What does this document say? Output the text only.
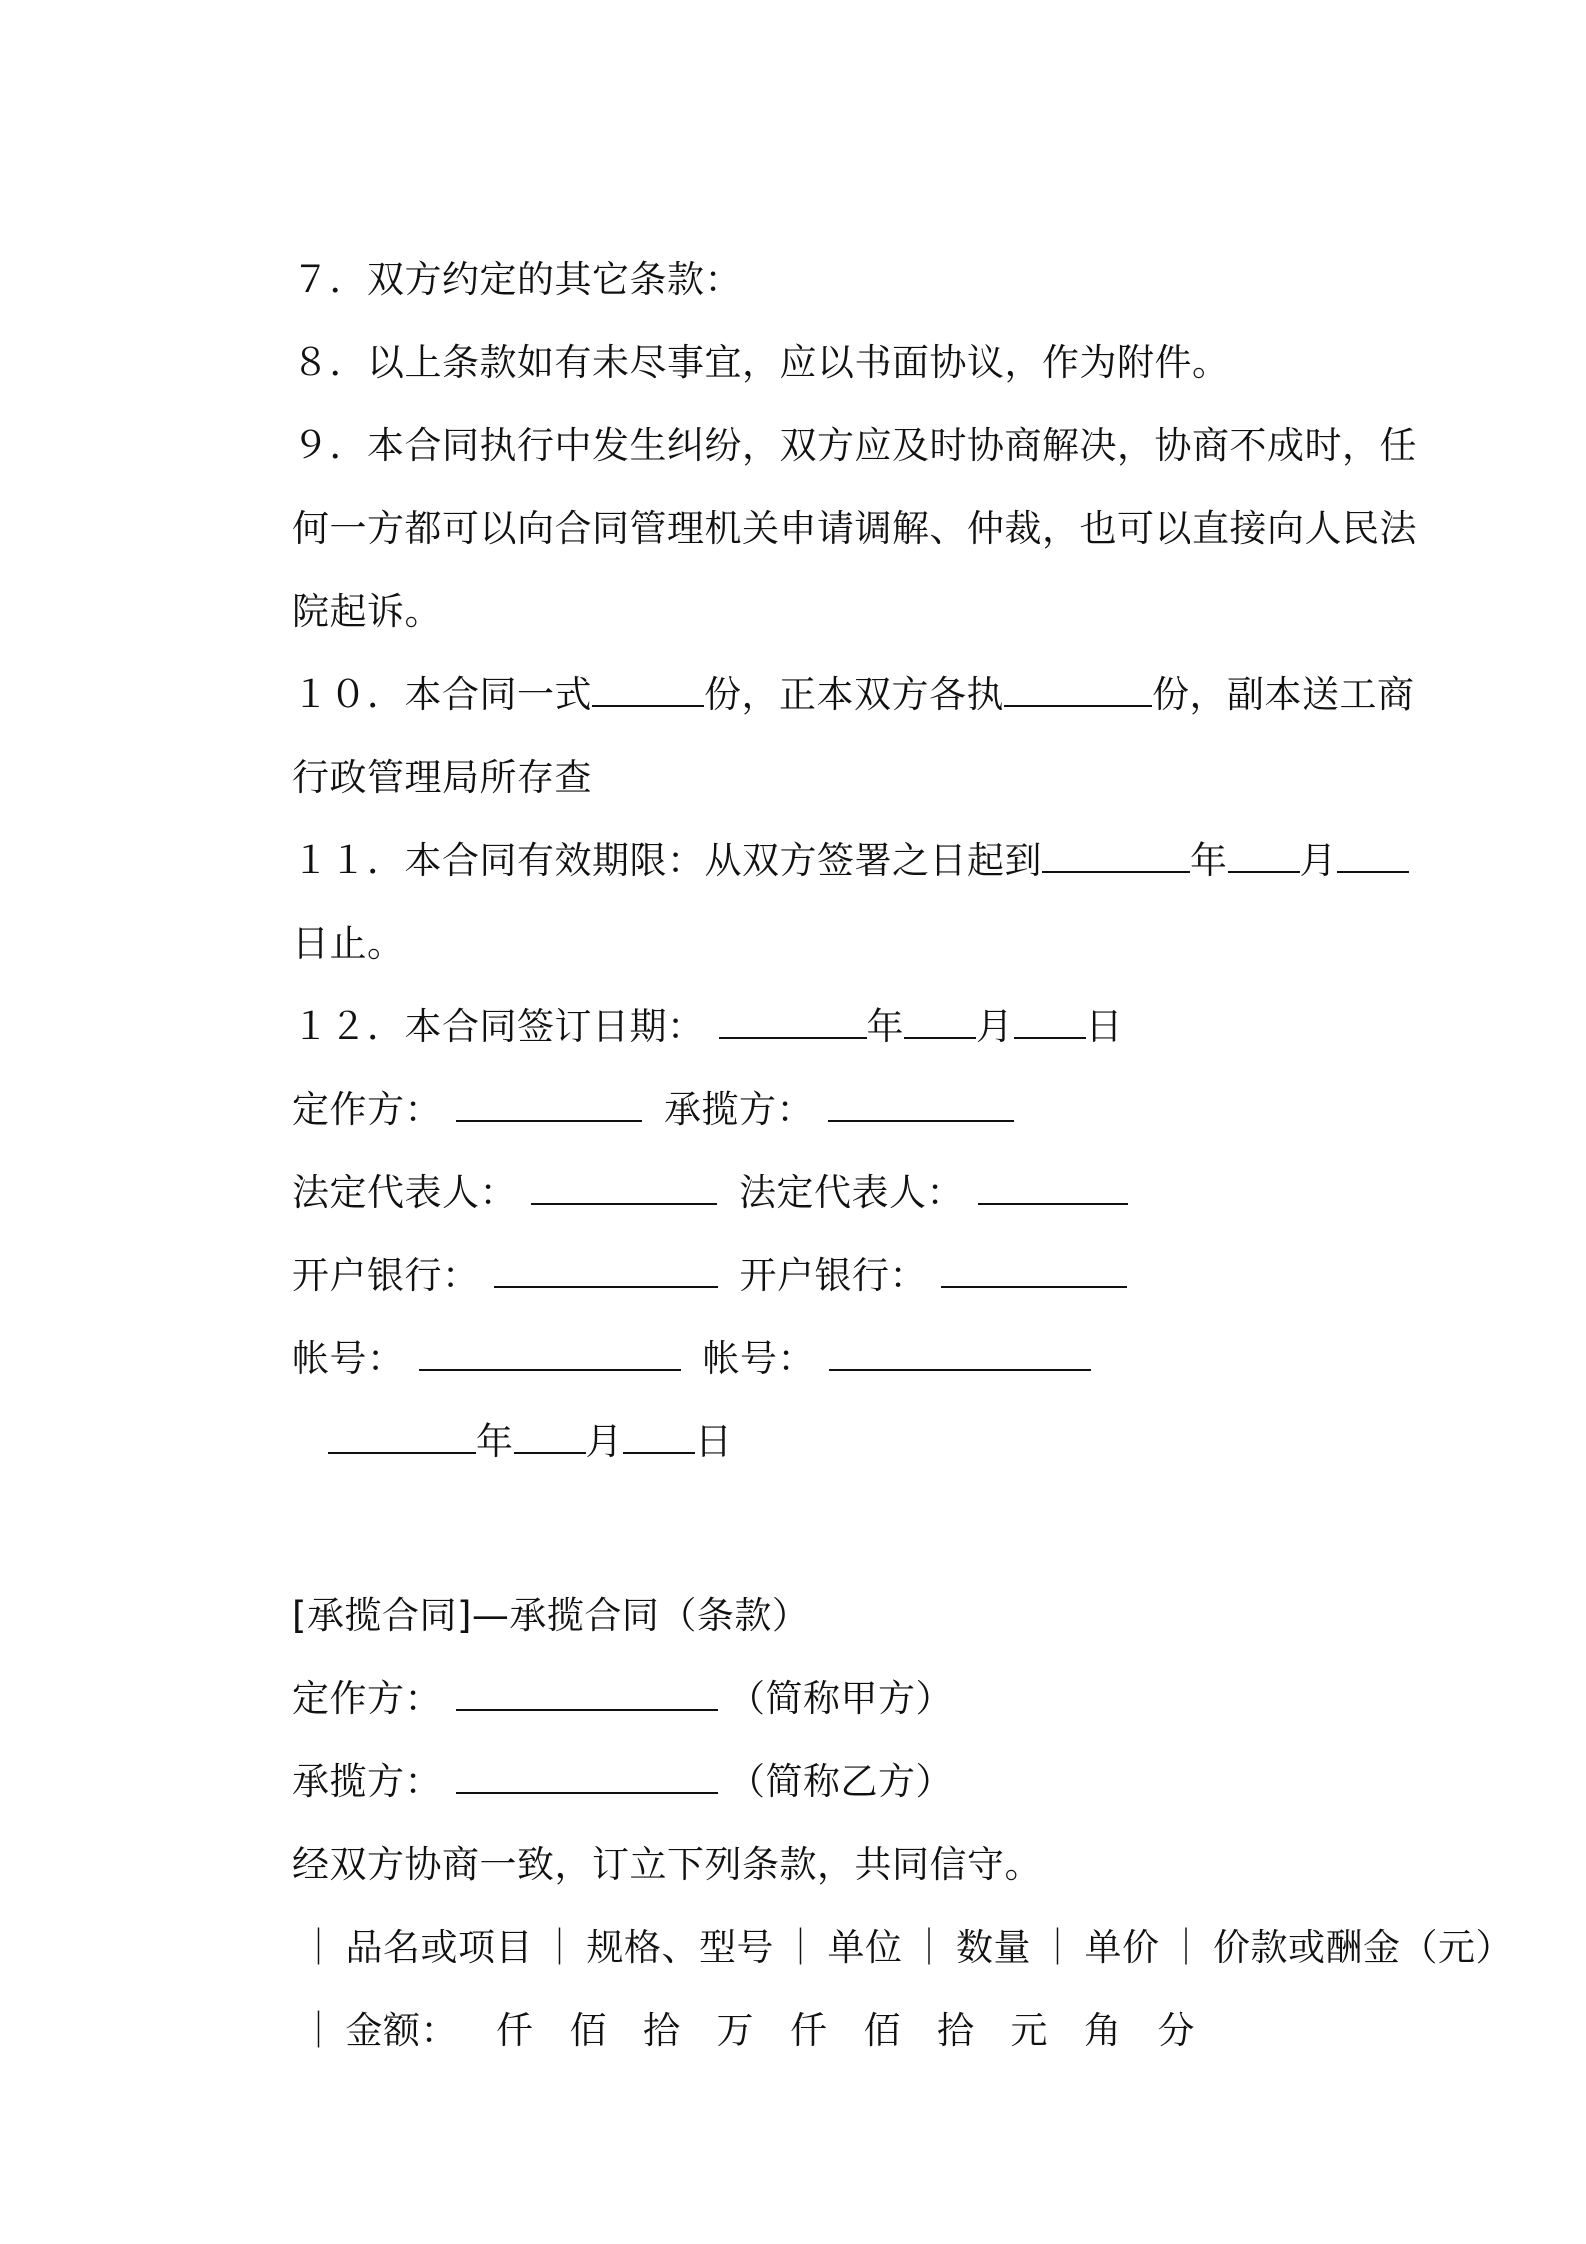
７．双方约定的其它条款：

８．以上条款如有未尽事宜，应以书面协议，作为附件。

９．本合同执行中发生纠纷，双方应及时协商解决，协商不成时，任

何一方都可以向合同管理机关申请调解、仲裁，也可以直接向人民法

院起诉。

１０．本合同一式	份，正本双方各执	份，副本送工商

行政管理局所存查

１１．本合同有效期限：从双方签署之日起到	年 月

日止。

１２．本合同签订日期：	年 月 日

定作方：	承揽方：

法定代表人：	法定代表人：

开户银行：	开户银行：

帐号：	帐号：

年 月 日

[承揽合同]—承揽合同（条款）

定作方：	（简称甲方）

承揽方：	（简称乙方）

经双方协商一致，订立下列条款，共同信守。

｜ 品名或项目 ｜ 规格、型号 ｜ 单位 ｜ 数量 ｜ 单价 ｜ 价款或酬金（元）

｜ 金额： 仟 佰 拾 万 仟 佰 拾 元 角 分
